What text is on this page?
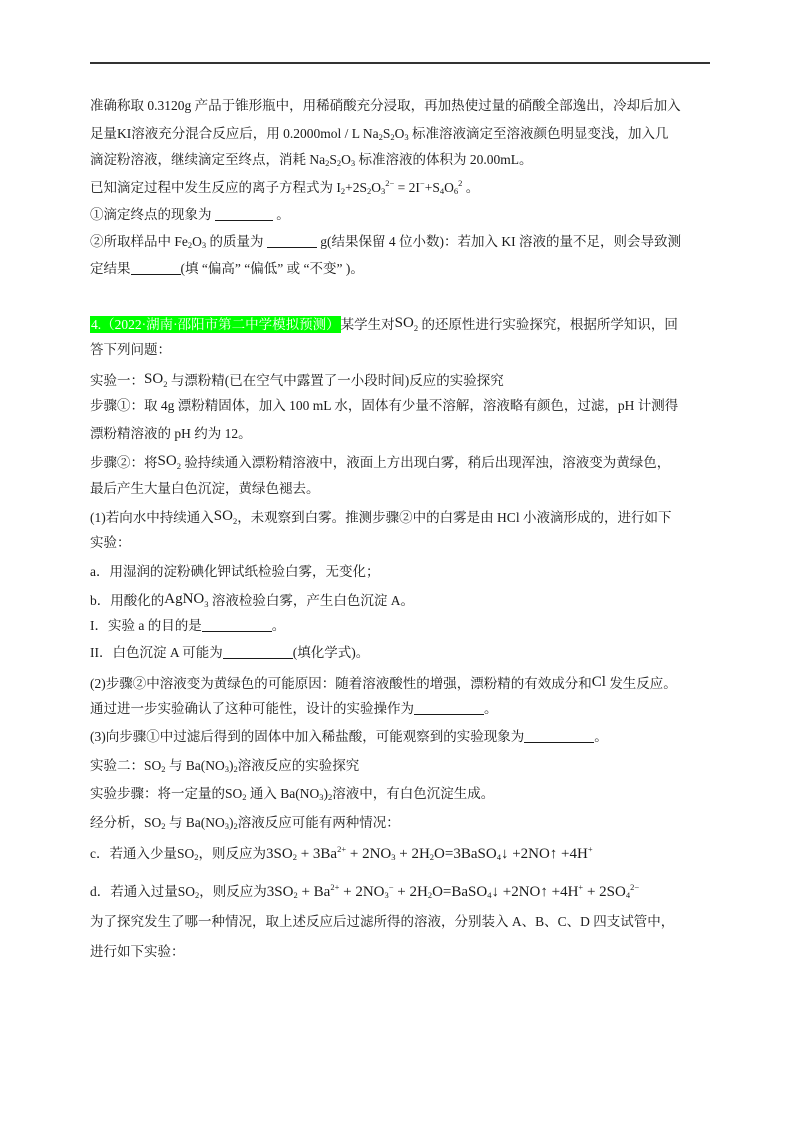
准确称取 0.3120g 产品于锥形瓶中，用稀硝酸充分浸取，再加热使过量的硝酸全部逸出，冷却后加入
足量KI溶液充分混合反应后，用 0.2000mol / L $Na_2S_2O_3$ 标准溶液滴定至溶液颜色明显变浅，加入几
滴淀粉溶液，继续滴定至终点，消耗 $Na_2S_2O_3$ 标准溶液的体积为 20.00mL。
已知滴定过程中发生反应的离子方程式为 $I_2+2S_2O_3^{2-} = 2I^-+S_4O_6^2$ 。
①滴定终点的现象为	。
②所取样品中 $Fe_2O_3$ 的质量为	g(结果保留 4 位小数)：若加入 KI 溶液的量不足，则会导致测
定结果	(填 “偏高” “偏低” 或 “不变” )。
4.（2022·湖南·邵阳市第二中学模拟预测）某学生对$SO_2$ 的还原性进行实验探究，根据所学知识，回
答下列问题：
实验一：$SO_2$ 与漂粉精(已在空气中露置了一小段时间)反应的实验探究
步骤①：取 4g 漂粉精固体，加入 100 mL 水，固体有少量不溶解，溶液略有颜色，过滤，pH 计测得
漂粉精溶液的 pH 约为 12。
步骤②：将$SO_2$ 验持续通入漂粉精溶液中，液面上方出现白雾，稍后出现浑浊，溶液变为黄绿色，
最后产生大量白色沉淀，黄绿色褪去。
(1)若向水中持续通入$SO_2$，未观察到白雾。推测步骤②中的白雾是由 HCl 小液滴形成的，进行如下
实验：
a．用湿润的淀粉碘化钾试纸检验白雾，无变化；
b．用酸化的AgNO$_3$ 溶液检验白雾，产生白色沉淀 A。
I．实验 a 的目的是	。
II．白色沉淀 A 可能为	(填化学式)。
(2)步骤②中溶液变为黄绿色的可能原因：随着溶液酸性的增强，漂粉精的有效成分和Cl 发生反应。
通过进一步实验确认了这种可能性，设计的实验操作为	。
(3)向步骤①中过滤后得到的固体中加入稀盐酸，可能观察到的实验现象为	。
实验二：$SO_2$ 与 $Ba(NO_3)_2$溶液反应的实验探究
实验步骤：将一定量的$SO_2$ 通入 $Ba(NO_3)_2$溶液中，有白色沉淀生成。
经分析，$SO_2$ 与 $Ba(NO_3)_2$溶液反应可能有两种情况：
c．若通入少量$SO_2$，则反应为$3SO_2 + 3Ba^{2+} + 2NO_3$ + $2H_2O=3BaSO_4↓$ +2NO↑ +4H+
d．若通入过量$SO_2$，则反应为$3SO_2 + Ba^{2+} + 2NO_3^-$ + $2H_2O=BaSO_4↓$ +2NO↑ $+4H^+ + 2SO_4^{2-}$
为了探究发生了哪一种情况，取上述反应后过滤所得的溶液，分别装入 A、B、C、D 四支试管中，
进行如下实验：
